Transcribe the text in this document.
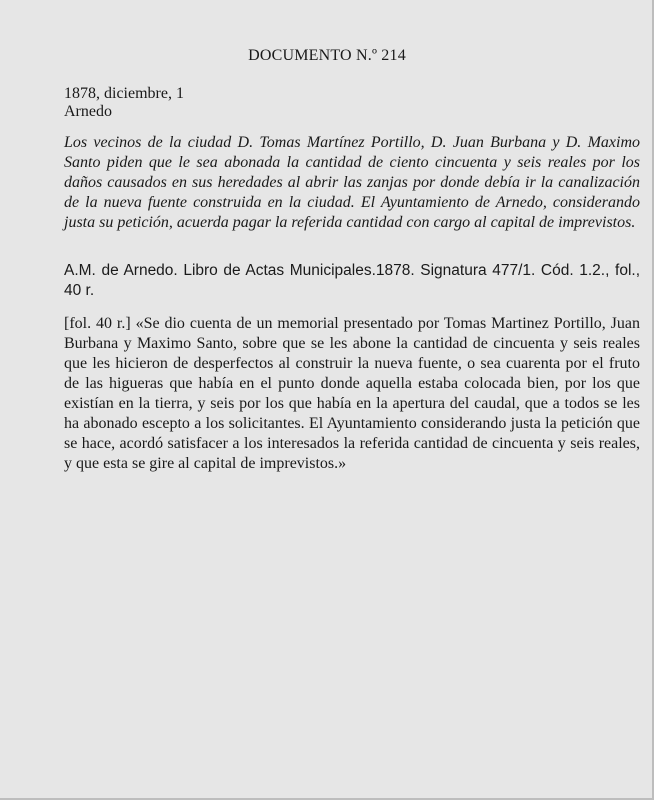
DOCUMENTO N.º 214
1878, diciembre, 1
Arnedo
Los vecinos de la ciudad D. Tomas Martínez Portillo, D. Juan Burbana y D. Maximo Santo piden que le sea abonada la cantidad de ciento cincuenta y seis reales por los daños causados en sus heredades al abrir las zanjas por donde debía ir la canalización de la nueva fuente construida en la ciudad. El Ayuntamiento de Arnedo, considerando justa su petición, acuerda pagar la referida cantidad con cargo al capital de imprevistos.
A.M. de Arnedo. Libro de Actas Municipales.1878. Signatura 477/1. Cód. 1.2., fol., 40 r.
[fol. 40 r.] «Se dio cuenta de un memorial presentado por Tomas Martinez Portillo, Juan Burbana y Maximo Santo, sobre que se les abone la cantidad de cincuenta y seis reales que les hicieron de desperfectos al construir la nueva fuente, o sea cuarenta por el fruto de las higueras que había en el punto donde aquella estaba colocada bien, por los que existían en la tierra, y seis por los que había en la apertura del caudal, que a todos se les ha abonado escepto a los solicitantes. El Ayuntamiento considerando justa la petición que se hace, acordó satisfacer a los interesados la referida cantidad de cincuenta y seis reales, y que esta se gire al capital de imprevistos.»
